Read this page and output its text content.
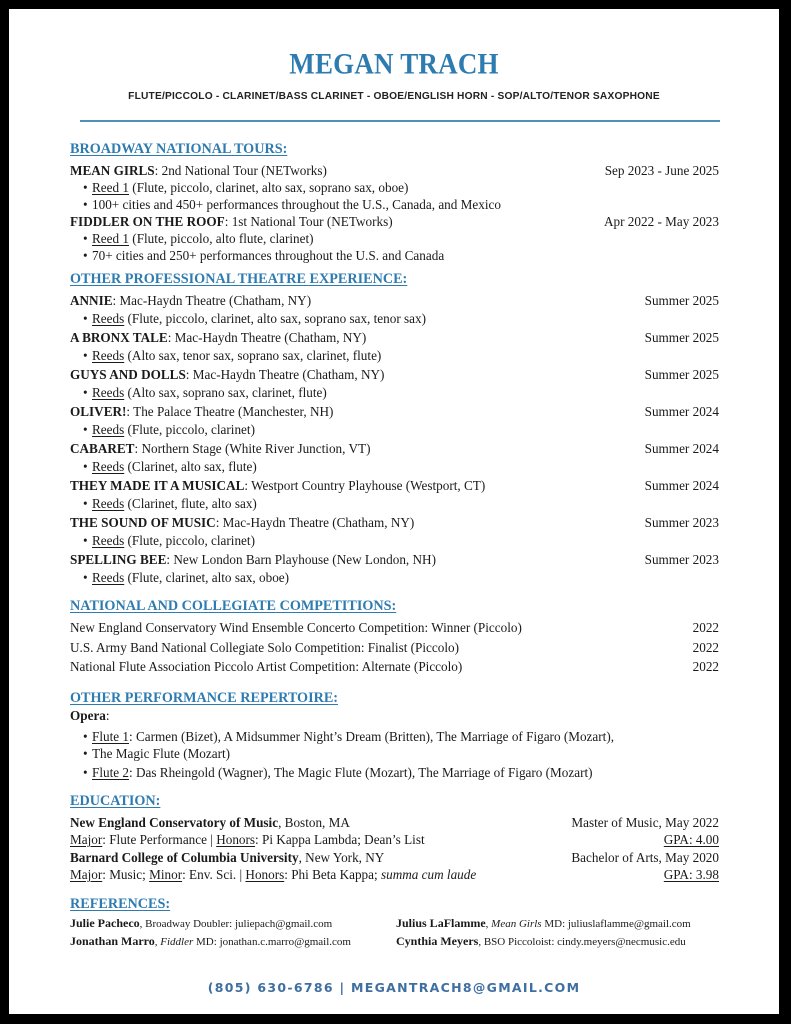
MEGAN TRACH
FLUTE/PICCOLO - CLARINET/BASS CLARINET - OBOE/ENGLISH HORN - SOP/ALTO/TENOR SAXOPHONE

BROADWAY NATIONAL TOURS:

MEAN GIRLS: 2nd National Tour (NETworks)	Sep 2023 - June 2025
• Reed 1 (Flute, piccolo, clarinet, alto sax, soprano sax, oboe)
• 100+ cities and 450+ performances throughout the U.S., Canada, and Mexico
FIDDLER ON THE ROOF: 1st National Tour (NETworks)	Apr 2022 - May 2023
• Reed 1 (Flute, piccolo, alto flute, clarinet)
• 70+ cities and 250+ performances throughout the U.S. and Canada

OTHER PROFESSIONAL THEATRE EXPERIENCE:

ANNIE: Mac-Haydn Theatre (Chatham, NY)	Summer 2025
• Reeds (Flute, piccolo, clarinet, alto sax, soprano sax, tenor sax)
A BRONX TALE: Mac-Haydn Theatre (Chatham, NY)	Summer 2025
• Reeds (Alto sax, tenor sax, soprano sax, clarinet, flute)
GUYS AND DOLLS: Mac-Haydn Theatre (Chatham, NY)	Summer 2025
• Reeds (Alto sax, soprano sax, clarinet, flute)
OLIVER!: The Palace Theatre (Manchester, NH)	Summer 2024
• Reeds (Flute, piccolo, clarinet)
CABARET: Northern Stage (White River Junction, VT)	Summer 2024
• Reeds (Clarinet, alto sax, flute)
THEY MADE IT A MUSICAL: Westport Country Playhouse (Westport, CT)	Summer 2024
• Reeds (Clarinet, flute, alto sax)
THE SOUND OF MUSIC: Mac-Haydn Theatre (Chatham, NY)	Summer 2023
• Reeds (Flute, piccolo, clarinet)
SPELLING BEE: New London Barn Playhouse (New London, NH)	Summer 2023
• Reeds (Flute, clarinet, alto sax, oboe)

NATIONAL AND COLLEGIATE COMPETITIONS:

New England Conservatory Wind Ensemble Concerto Competition: Winner (Piccolo)	2022
U.S. Army Band National Collegiate Solo Competition: Finalist (Piccolo)	2022
National Flute Association Piccolo Artist Competition: Alternate (Piccolo)	2022

OTHER PERFORMANCE REPERTOIRE:

Opera:
• Flute 1: Carmen (Bizet), A Midsummer Night’s Dream (Britten), The Marriage of Figaro (Mozart),
• The Magic Flute (Mozart)
• Flute 2: Das Rheingold (Wagner), The Magic Flute (Mozart), The Marriage of Figaro (Mozart)

EDUCATION:

New England Conservatory of Music, Boston, MA	Master of Music, May 2022
Major: Flute Performance | Honors: Pi Kappa Lambda; Dean’s List	GPA: 4.00
Barnard College of Columbia University, New York, NY	Bachelor of Arts, May 2020
Major: Music; Minor: Env. Sci. | Honors: Phi Beta Kappa; summa cum laude	GPA: 3.98

REFERENCES:

Julie Pacheco, Broadway Doubler: juliepach@gmail.com	Julius LaFlamme, Mean Girls MD: juliuslaflamme@gmail.com
Jonathan Marro, Fiddler MD: jonathan.c.marro@gmail.com	Cynthia Meyers, BSO Piccoloist: cindy.meyers@necmusic.edu
(805) 630-6786 | MEGANTRACH8@GMAIL.COM
